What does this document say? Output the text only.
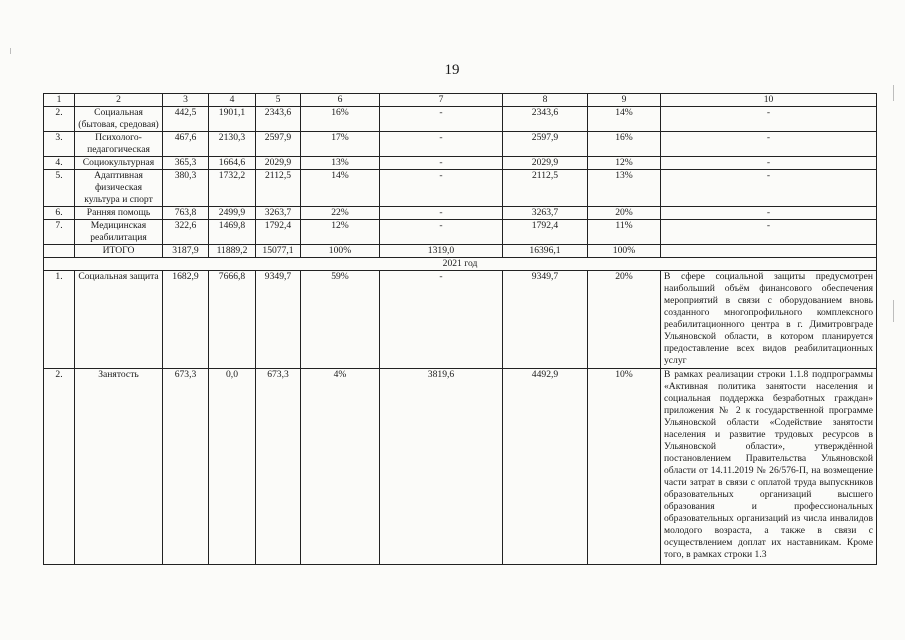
19
1	2	3	4	5	6	7	8	9	10
2.	Социальная (бытовая, средовая)	442,5	1901,1	2343,6	16%	-	2343,6	14%	-
3.	Психолого-педагогическая	467,6	2130,3	2597,9	17%	-	2597,9	16%	-
4.	Социокультурная	365,3	1664,6	2029,9	13%	-	2029,9	12%	-
5.	Адаптивная физическая культура и спорт	380,3	1732,2	2112,5	14%	-	2112,5	13%	-
6.	Ранняя помощь	763,8	2499,9	3263,7	22%	-	3263,7	20%	-
7.	Медицинская реабилитация	322,6	1469,8	1792,4	12%	-	1792,4	11%	-
	ИТОГО	3187,9	11889,2	15077,1	100%	1319,0	16396,1	100%	
2021 год									
1.	Социальная защита	1682,9	7666,8	9349,7	59%	-	9349,7	20%	В сфере социальной защиты предусмотрен наибольший объём финансового обеспечения мероприятий в связи с оборудованием вновь созданного многопрофильного комплексного реабилитационного центра в г. Димитровграде Ульяновской области, в котором планируется предоставление всех видов реабилитационных услуг
2.	Занятость	673,3	0,0	673,3	4%	3819,6	4492,9	10%	В рамках реализации строки 1.1.8 подпрограммы «Активная политика занятости населения и социальная поддержка безработных граждан» приложения № 2 к государственной программе Ульяновской области «Содействие занятости населения и развитие трудовых ресурсов в Ульяновской области», утверждённой постановлением Правительства Ульяновской области от 14.11.2019 № 26/576-П, на возмещение части затрат в связи с оплатой труда выпускников образовательных организаций высшего образования и профессиональных образовательных организаций из числа инвалидов молодого возраста, а также в связи с осуществлением доплат их наставникам. Кроме того, в рамках строки 1.3
